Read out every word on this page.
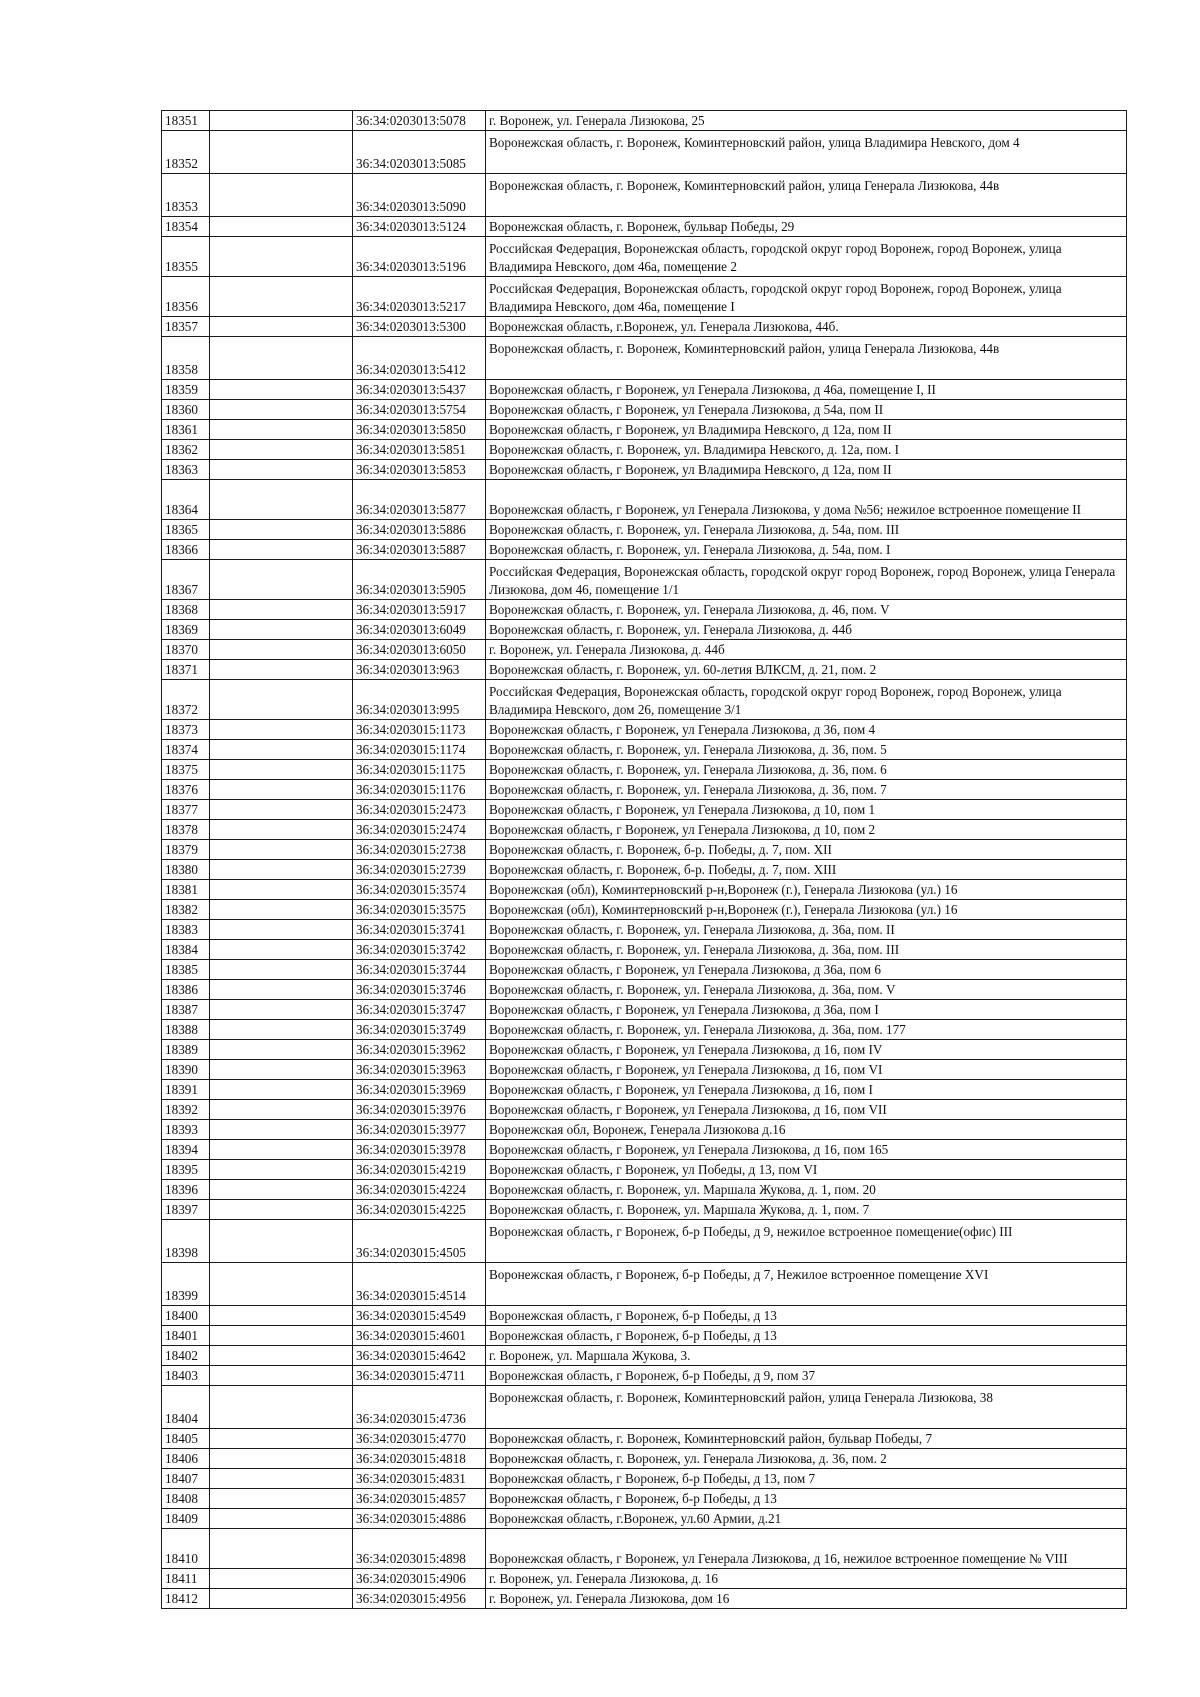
18351		36:34:0203013:5078	г. Воронеж, ул. Генерала Лизюкова, 25
18352		36:34:0203013:5085	Воронежская область, г. Воронеж, Коминтерновский район, улица Владимира Невского, дом 4
18353		36:34:0203013:5090	Воронежская область, г. Воронеж, Коминтерновский район, улица Генерала Лизюкова, 44в
18354		36:34:0203013:5124	Воронежская область, г. Воронеж, бульвар Победы, 29
18355		36:34:0203013:5196	Российская Федерация, Воронежская область, городской округ город Воронеж, город Воронеж, улица Владимира Невского, дом 46а, помещение 2
18356		36:34:0203013:5217	Российская Федерация, Воронежская область, городской округ город Воронеж, город Воронеж, улица Владимира Невского, дом 46а, помещение I
18357		36:34:0203013:5300	Воронежская область, г.Воронеж, ул. Генерала Лизюкова, 44б.
18358		36:34:0203013:5412	Воронежская область, г. Воронеж, Коминтерновский район, улица Генерала Лизюкова, 44в
18359		36:34:0203013:5437	Воронежская область, г Воронеж, ул Генерала Лизюкова, д 46а, помещение I, II
18360		36:34:0203013:5754	Воронежская область, г Воронеж, ул Генерала Лизюкова, д 54а, пом II
18361		36:34:0203013:5850	Воронежская область, г Воронеж, ул Владимира Невского, д 12а, пом II
18362		36:34:0203013:5851	Воронежская область, г. Воронеж, ул. Владимира Невского, д. 12а, пом. I
18363		36:34:0203013:5853	Воронежская область, г Воронеж, ул Владимира Невского, д 12а, пом II
18364		36:34:0203013:5877	Воронежская область, г Воронеж, ул Генерала Лизюкова, у дома №56; нежилое встроенное помещение II
18365		36:34:0203013:5886	Воронежская область, г. Воронеж, ул. Генерала Лизюкова, д. 54а, пом. III
18366		36:34:0203013:5887	Воронежская область, г. Воронеж, ул. Генерала Лизюкова, д. 54а, пом. I
18367		36:34:0203013:5905	Российская Федерация, Воронежская область, городской округ город Воронеж, город Воронеж, улица Генерала Лизюкова, дом 46, помещение 1/1
18368		36:34:0203013:5917	Воронежская область, г. Воронеж, ул. Генерала Лизюкова, д. 46, пом. V
18369		36:34:0203013:6049	Воронежская область, г. Воронеж, ул. Генерала Лизюкова, д. 44б
18370		36:34:0203013:6050	г. Воронеж, ул. Генерала Лизюкова, д. 44б
18371		36:34:0203013:963	Воронежская область, г. Воронеж, ул. 60-летия ВЛКСМ, д. 21, пом. 2
18372		36:34:0203013:995	Российская Федерация, Воронежская область, городской округ город Воронеж, город Воронеж, улица Владимира Невского, дом 26, помещение 3/1
18373		36:34:0203015:1173	Воронежская область, г Воронеж, ул Генерала Лизюкова, д 36, пом 4
18374		36:34:0203015:1174	Воронежская область, г. Воронеж, ул. Генерала Лизюкова, д. 36, пом. 5
18375		36:34:0203015:1175	Воронежская область, г. Воронеж, ул. Генерала Лизюкова, д. 36, пом. 6
18376		36:34:0203015:1176	Воронежская область, г. Воронеж, ул. Генерала Лизюкова, д. 36, пом. 7
18377		36:34:0203015:2473	Воронежская область, г Воронеж, ул Генерала Лизюкова, д 10, пом 1
18378		36:34:0203015:2474	Воронежская область, г Воронеж, ул Генерала Лизюкова, д 10, пом 2
18379		36:34:0203015:2738	Воронежская область, г. Воронеж, б-р. Победы, д. 7, пом. XII
18380		36:34:0203015:2739	Воронежская область, г. Воронеж, б-р. Победы, д. 7, пом. XIII
18381		36:34:0203015:3574	Воронежская (обл), Коминтерновский р-н,Воронеж (г.), Генерала Лизюкова (ул.) 16
18382		36:34:0203015:3575	Воронежская (обл), Коминтерновский р-н,Воронеж (г.), Генерала Лизюкова (ул.) 16
18383		36:34:0203015:3741	Воронежская область, г. Воронеж, ул. Генерала Лизюкова, д. 36а, пом. II
18384		36:34:0203015:3742	Воронежская область, г. Воронеж, ул. Генерала Лизюкова, д. 36а, пом. III
18385		36:34:0203015:3744	Воронежская область, г Воронеж, ул Генерала Лизюкова, д 36а, пом 6
18386		36:34:0203015:3746	Воронежская область, г. Воронеж, ул. Генерала Лизюкова, д. 36а, пом. V
18387		36:34:0203015:3747	Воронежская область, г Воронеж, ул Генерала Лизюкова, д 36а, пом I
18388		36:34:0203015:3749	Воронежская область, г. Воронеж, ул. Генерала Лизюкова, д. 36а, пом. 177
18389		36:34:0203015:3962	Воронежская область, г Воронеж, ул Генерала Лизюкова, д 16, пом IV
18390		36:34:0203015:3963	Воронежская область, г Воронеж, ул Генерала Лизюкова, д 16, пом VI
18391		36:34:0203015:3969	Воронежская область, г Воронеж, ул Генерала Лизюкова, д 16, пом I
18392		36:34:0203015:3976	Воронежская область, г Воронеж, ул Генерала Лизюкова, д 16, пом VII
18393		36:34:0203015:3977	Воронежская обл, Воронеж, Генерала Лизюкова д.16
18394		36:34:0203015:3978	Воронежская область, г Воронеж, ул Генерала Лизюкова, д 16, пом 165
18395		36:34:0203015:4219	Воронежская область, г Воронеж, ул Победы, д 13, пом VI
18396		36:34:0203015:4224	Воронежская область, г. Воронеж, ул. Маршала Жукова, д. 1, пом. 20
18397		36:34:0203015:4225	Воронежская область, г. Воронеж, ул. Маршала Жукова, д. 1, пом. 7
18398		36:34:0203015:4505	Воронежская область, г Воронеж, б-р Победы, д 9, нежилое встроенное помещение(офис) III
18399		36:34:0203015:4514	Воронежская область, г Воронеж, б-р Победы, д 7, Нежилое встроенное помещение XVI
18400		36:34:0203015:4549	Воронежская область, г Воронеж, б-р Победы, д 13
18401		36:34:0203015:4601	Воронежская область, г Воронеж, б-р Победы, д 13
18402		36:34:0203015:4642	г. Воронеж, ул. Маршала Жукова, 3.
18403		36:34:0203015:4711	Воронежская область, г Воронеж, б-р Победы, д 9, пом 37
18404		36:34:0203015:4736	Воронежская область, г. Воронеж, Коминтерновский район, улица Генерала Лизюкова, 38
18405		36:34:0203015:4770	Воронежская область, г. Воронеж, Коминтерновский район, бульвар Победы, 7
18406		36:34:0203015:4818	Воронежская область, г. Воронеж, ул. Генерала Лизюкова, д. 36, пом. 2
18407		36:34:0203015:4831	Воронежская область, г Воронеж, б-р Победы, д 13, пом 7
18408		36:34:0203015:4857	Воронежская область, г Воронеж, б-р Победы, д 13
18409		36:34:0203015:4886	Воронежская область, г.Воронеж, ул.60 Армии, д.21
18410		36:34:0203015:4898	Воронежская область, г Воронеж, ул Генерала Лизюкова, д 16, нежилое встроенное помещение № VIII
18411		36:34:0203015:4906	г. Воронеж, ул. Генерала Лизюкова, д. 16
18412		36:34:0203015:4956	г. Воронеж, ул. Генерала Лизюкова, дом 16
